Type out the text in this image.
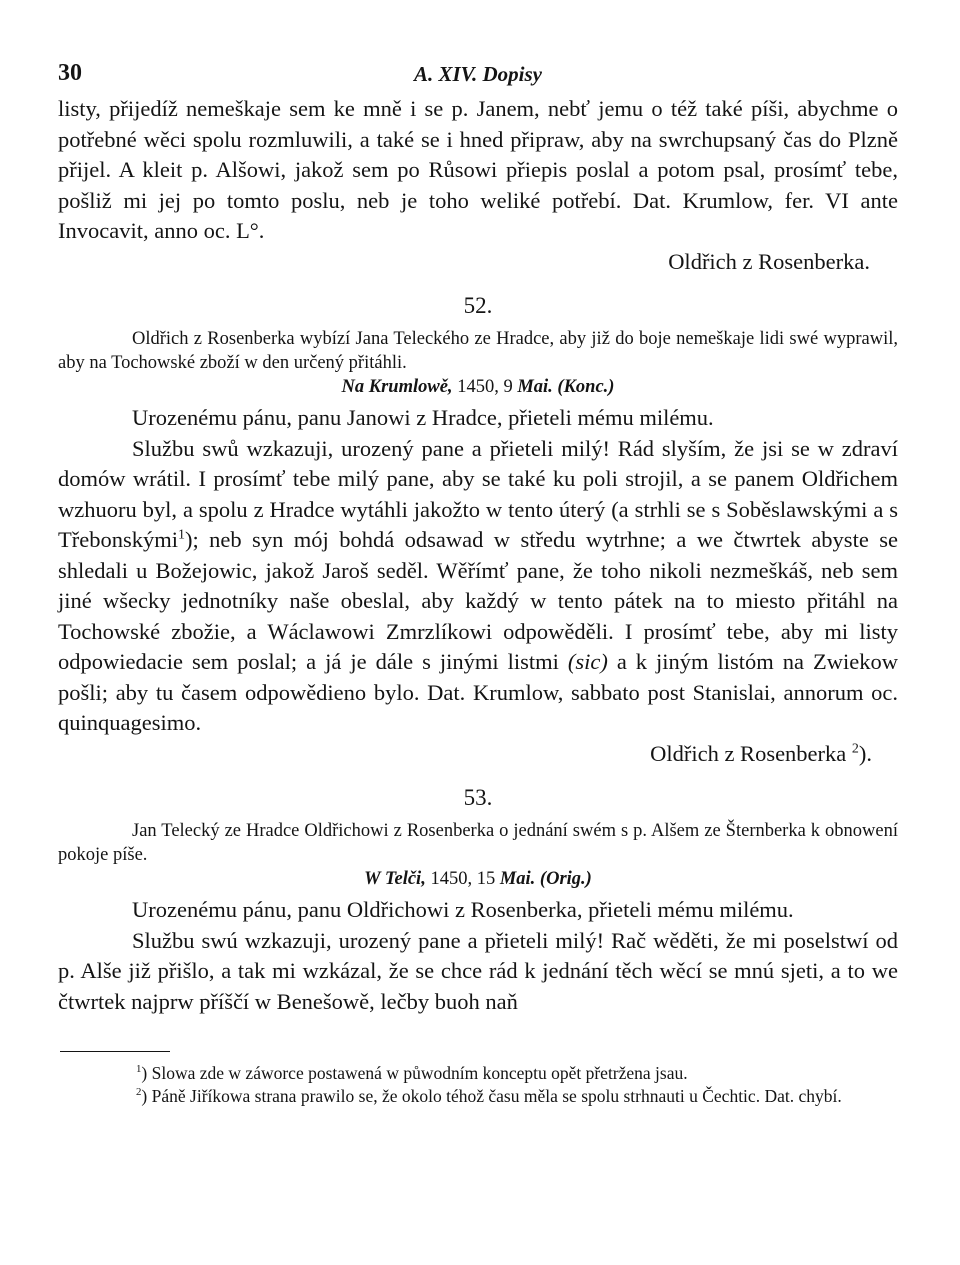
30	A. XIV. Dopisy

listy, přijedíž nemeškaje sem ke mně i se p. Janem, nebť jemu o též také píši, abychme o potřebné wěci spolu rozmluwili, a také se i hned připraw, aby na swrchupsaný čas do Plzně přijel. A kleit p. Alšowi, jakož sem po Růsowi přiepis poslal a potom psal, prosímť tebe, pošliž mi jej po tomto poslu, neb je toho weliké potřebí. Dat. Krumlow, fer. VI ante Invocavit, anno oc. L°.

Oldřich z Rosenberka.

52.

Oldřich z Rosenberka wybízí Jana Teleckého ze Hradce, aby již do boje nemeškaje lidi swé wyprawil, aby na Tochowské zboží w den určený přitáhli.

Na Krumlowě, 1450, 9 Mai. (Konc.)

Urozenému pánu, panu Janowi z Hradce, přieteli mému milému.

Službu swů wzkazuji, urozený pane a přieteli milý! Rád slyším, že jsi se w zdraví domów wrátil. I prosímť tebe milý pane, aby se také ku poli strojil, a se panem Oldřichem wzhuoru byl, a spolu z Hradce wytáhli jakožto w tento úterý (a strhli se s Soběslawskými a s Třebonskými$^1$); neb syn mój bohdá odsawad w středu wytrhne; a we čtwrtek abyste se shledali u Božejowic, jakož Jaroš seděl. Wěřímť pane, že toho nikoli nezmeškáš, neb sem jiné wšecky jednotníky naše obeslal, aby každý w tento pátek na to miesto přitáhl na Tochowské zbožie, a Wáclawowi Zmrzlíkowi odpowěděli. I prosímť tebe, aby mi listy odpowiedacie sem poslal; a já je dále s jinými listmi (sic) a k jiným listóm na Zwiekow pošli; aby tu časem odpowědieno bylo. Dat. Krumlow, sabbato post Stanislai, annorum oc. quinquagesimo.

Oldřich z Rosenberka $^2$).

53.

Jan Telecký ze Hradce Oldřichowi z Rosenberka o jednání swém s p. Alšem ze Šternberka k obnowení pokoje píše.

W Telči, 1450, 15 Mai. (Orig.)

Urozenému pánu, panu Oldřichowi z Rosenberka, přieteli mému milému.

Službu swú wzkazuji, urozený pane a přieteli milý! Rač wěděti, že mi poselstwí od p. Alše již přišlo, a tak mi wzkázal, že se chce rád k jednání těch wěcí se mnú sjeti, a to we čtwrtek najprw příščí w Benešowě, lečby buoh naň

$^1$) Slowa zde w záworce postawená w půwodním konceptu opět přetržena jsau.

$^2$) Páně Jiříkowa strana prawilo se, že okolo téhož času měla se spolu strhnauti u Čechtic. Dat. chybí.
